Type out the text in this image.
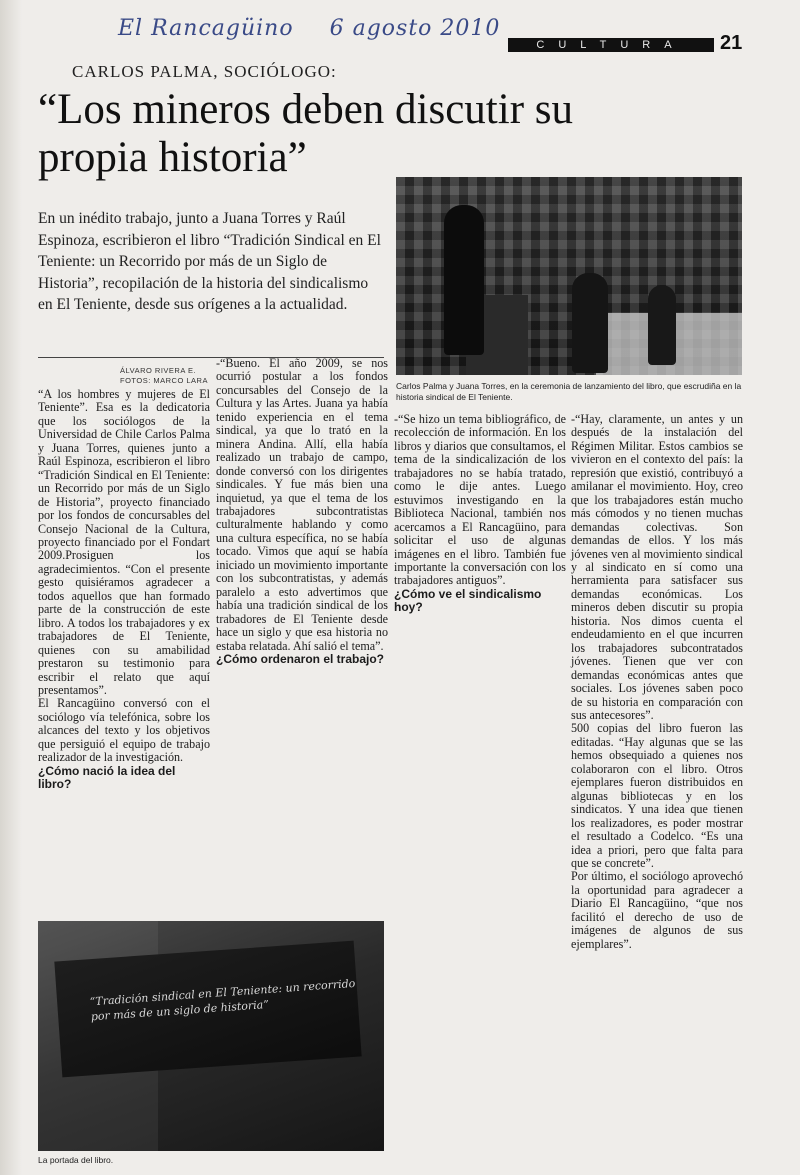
El Rancagüino 6 agosto 2010
CULTURA	21
CARLOS PALMA, SOCIÓLOGO:
“Los mineros deben discutir su propia historia”
En un inédito trabajo, junto a Juana Torres y Raúl Espinoza, escribieron el libro “Tradición Sindical en El Teniente: un Recorrido por más de un Siglo de Historia”, recopilación de la historia del sindicalismo en El Teniente, desde sus orígenes a la actualidad.
Carlos Palma y Juana Torres, en la ceremonia de lanzamiento del libro, que escrudiña en la historia sindical de El Teniente.
ÁLVARO RIVERA E.
FOTOS: MARCO LARA

“A los hombres y mujeres de El Teniente”. Esa es la dedicatoria que los sociólogos de la Universidad de Chile Carlos Palma y Juana Torres, quienes junto a Raúl Espinoza, escribieron el libro “Tradición Sindical en El Teniente: un Recorrido por más de un Siglo de Historia”, proyecto financiado por los fondos de concursables del Consejo Nacional de la Cultura, proyecto financiado por el Fondart 2009.Prosiguen los agradecimientos. “Con el presente gesto quisiéramos agradecer a todos aquellos que han formado parte de la construcción de este libro. A todos los trabajadores y ex trabajadores de El Teniente, quienes con su amabilidad prestaron su testimonio para escribir el relato que aquí presentamos”.

El Rancagüino conversó con el sociólogo vía telefónica, sobre los alcances del texto y los objetivos que persiguió el equipo de trabajo realizador de la investigación.

¿Cómo nació la idea del libro?

-“Bueno. El año 2009, se nos ocurrió postular a los fondos concursables del Consejo de la Cultura y las Artes. Juana ya había tenido experiencia en el tema sindical, ya que lo trató en la minera Andina. Allí, ella había realizado un trabajo de campo, donde conversó con los dirigentes sindicales. Y fue más bien una inquietud, ya que el tema de los trabajadores subcontratistas culturalmente hablando y como una cultura específica, no se había tocado. Vimos que aquí se había iniciado un movimiento importante con los subcontratistas, y además paralelo a esto advertimos que había una tradición sindical de los trabadores de El Teniente desde hace un siglo y que esa historia no estaba relatada. Ahí salió el tema”.

¿Cómo ordenaron el trabajo?

-“Se hizo un tema bibliográfico, de recolección de información. En los libros y diarios que consultamos, el tema de la sindicalización de los trabajadores no se había tratado, como le dije antes. Luego estuvimos investigando en la Biblioteca Nacional, también nos acercamos a El Rancagüino, para solicitar el uso de algunas imágenes en el libro. También fue importante la conversación con los trabajadores antiguos”.

¿Cómo ve el sindicalismo hoy?

-“Hay, claramente, un antes y un después de la instalación del Régimen Militar. Estos cambios se vivieron en el contexto del país: la represión que existió, contribuyó a amilanar el movimiento. Hoy, creo que los trabajadores están mucho más cómodos y no tienen muchas demandas colectivas. Son demandas de ellos. Y los más jóvenes ven al movimiento sindical y al sindicato en sí como una herramienta para satisfacer sus demandas económicas. Los mineros deben discutir su propia historia. Nos dimos cuenta el endeudamiento en el que incurren los trabajadores subcontratados jóvenes. Tienen que ver con demandas económicas antes que sociales. Los jóvenes saben poco de su historia en comparación con sus antecesores”.

500 copias del libro fueron las editadas. “Hay algunas que se las hemos obsequiado a quienes nos colaboraron con el libro. Otros ejemplares fueron distribuidos en algunas bibliotecas y en los sindicatos. Y una idea que tienen los realizadores, es poder mostrar el resultado a Codelco. “Es una idea a priori, pero que falta para que se concrete”.

Por último, el sociólogo aprovechó la oportunidad para agradecer a Diario El Rancagüino, “que nos facilitó el derecho de uso de imágenes de algunos de sus ejemplares”.

“Tradición sindical en El Teniente: un recorrido por más de un siglo de historia”
La portada del libro.
